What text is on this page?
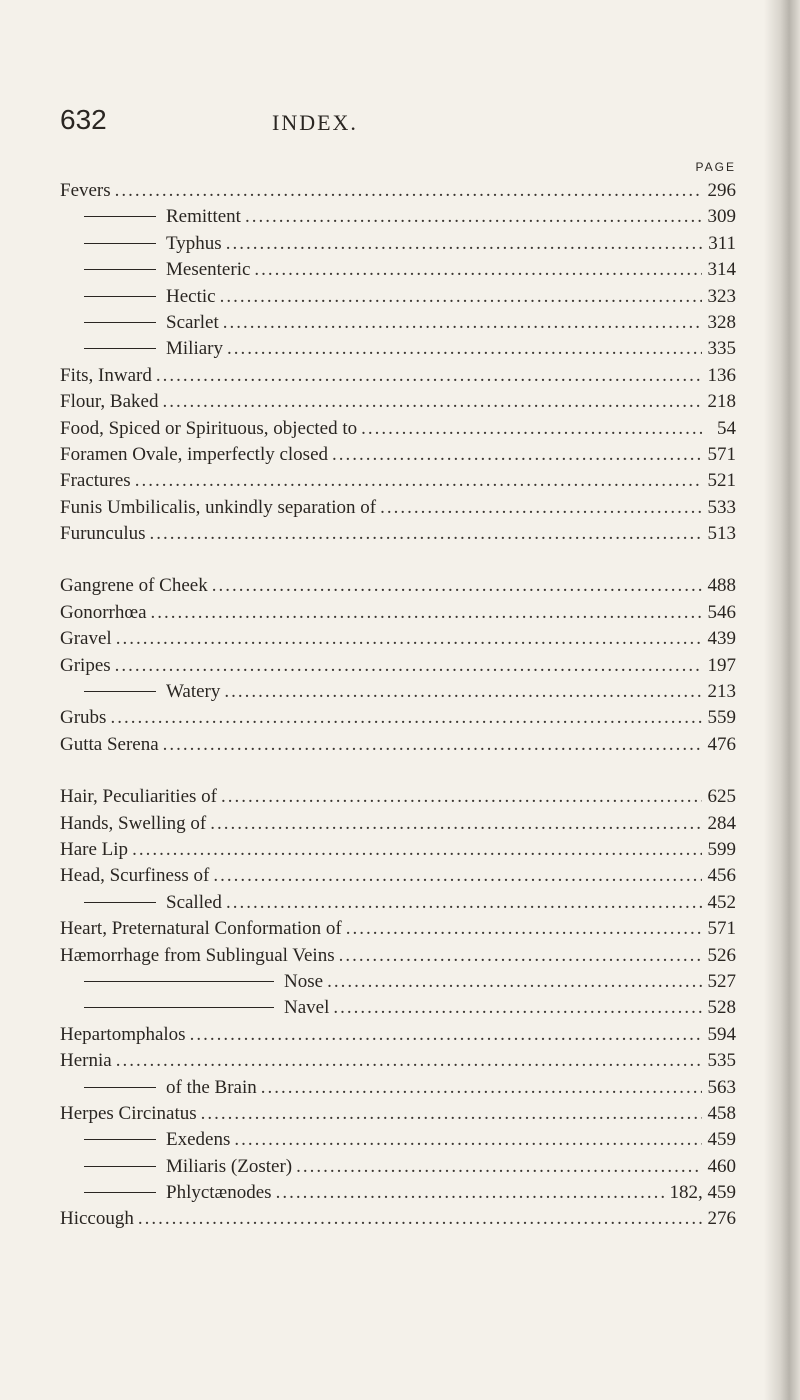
632	INDEX.
PAGE
Fevers .....	296
Remittent .....	309
Typhus .....	311
Mesenteric .....	314
Hectic .....	323
Scarlet .....	328
Miliary .....	335
Fits, Inward .....	136
Flour, Baked .....	218
Food, Spiced or Spirituous, objected to .....	54
Foramen Ovale, imperfectly closed .....	571
Fractures .....	521
Funis Umbilicalis, unkindly separation of .....	533
Furunculus .....	513
Gangrene of Cheek .....	488
Gonorrhœa .....	546
Gravel .....	439
Gripes .....	197
Watery .....	213
Grubs .....	559
Gutta Serena .....	476
Hair, Peculiarities of .....	625
Hands, Swelling of .....	284
Hare Lip .....	599
Head, Scurfiness of .....	456
Scalled .....	452
Heart, Preternatural Conformation of .....	571
Hæmorrhage from Sublingual Veins .....	526
Nose .....	527
Navel .....	528
Hepartomphalos .....	594
Hernia .....	535
of the Brain .....	563
Herpes Circinatus .....	458
Exedens .....	459
Miliaris (Zoster) .....	460
Phlyctænodes .....	182, 459
Hiccough .....	276
